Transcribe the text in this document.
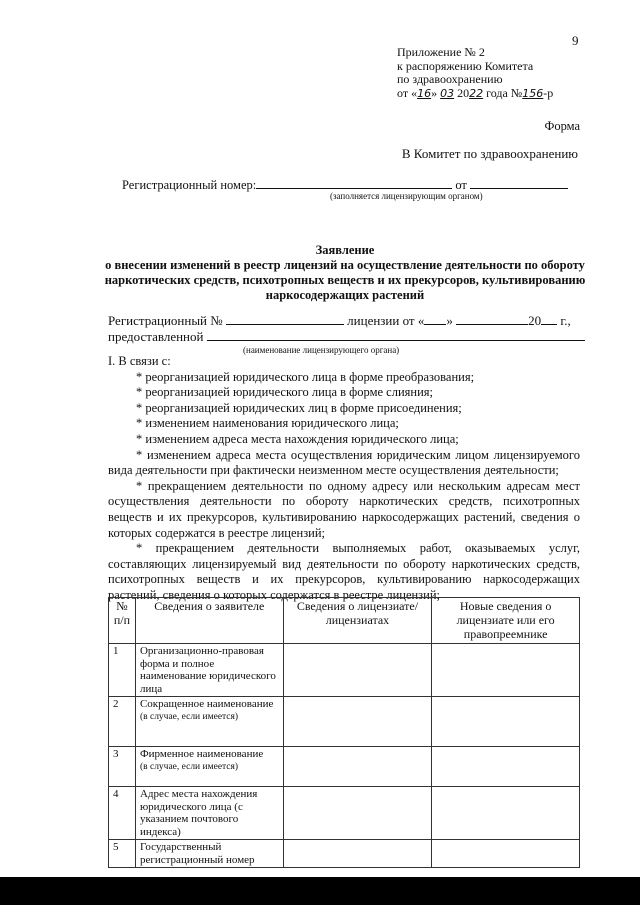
9
Приложение № 2
к распоряжению Комитета
по здравоохранению
от «16» 03 2022 года №156-р
Форма
В Комитет по здравоохранению
Регистрационный номер:	от
(заполняется лицензирующим органом)
Заявление
о внесении изменений в реестр лицензий на осуществление деятельности по обороту
наркотических средств, психотропных веществ и их прекурсоров, культивированию
наркосодержащих растений
Регистрационный №	лицензии от « »	20 г.,
предоставленной
(наименование лицензирующего органа)

I. В связи с:

* реорганизацией юридического лица в форме преобразования;

* реорганизацией юридического лица в форме слияния;

* реорганизацией юридических лиц в форме присоединения;

* изменением наименования юридического лица;

* изменением адреса места нахождения юридического лица;

* изменением адреса места осуществления юридическим лицом лицензируемого вида деятельности при фактически неизменном месте осуществления деятельности;

* прекращением деятельности по одному адресу или нескольким адресам мест осуществления деятельности по обороту наркотических средств, психотропных веществ и их прекурсоров, культивированию наркосодержащих растений, сведения о которых содержатся в реестре лицензий;

* прекращением деятельности выполняемых работ, оказываемых услуг, составляющих лицензируемый вид деятельности по обороту наркотических средств, психотропных веществ и их прекурсоров, культивированию наркосодержащих растений, сведения о которых содержатся в реестре лицензий;

№ п/п	Сведения о заявителе	Сведения о лицензиате/ лицензиатах	Новые сведения о лицензиате или его правопреемнике
1	Организационно-правовая форма и полное наименование юридического лица		

2	Сокращенное наименование
(в случае, если имеется)		

3	Фирменное наименование
(в случае, если имеется)		

4	Адрес места нахождения юридического лица (с указанием почтового индекса)		

5	Государственный регистрационный номер		
